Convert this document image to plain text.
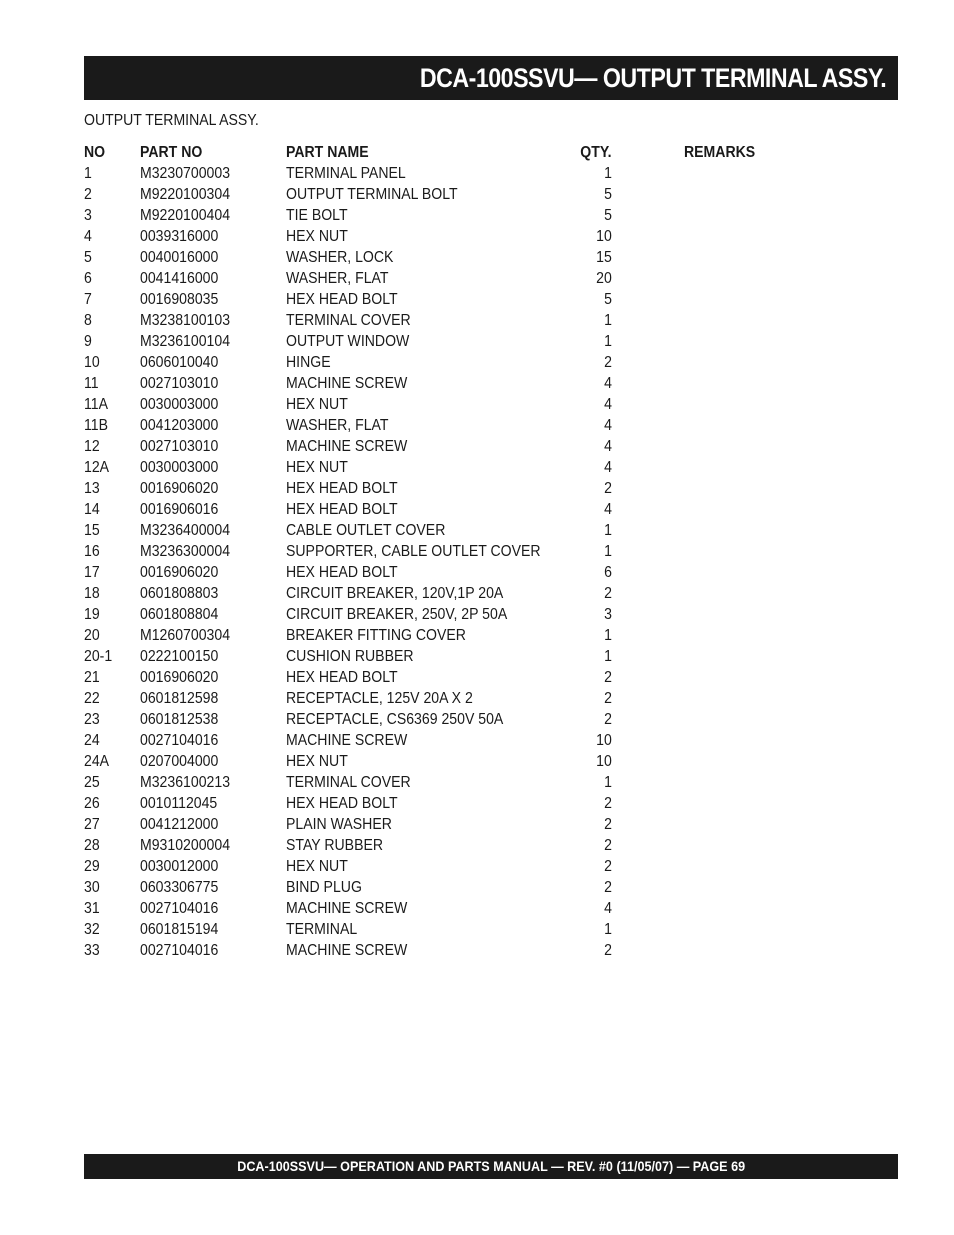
DCA-100SSVU— OUTPUT TERMINAL ASSY.
OUTPUT TERMINAL ASSY.
NO PART NO	PART NAME	QTY.	REMARKS
1	M3230700003	TERMINAL PANEL	1
2	M9220100304	OUTPUT TERMINAL BOLT	5
3	M9220100404	TIE BOLT	5
4	0039316000	HEX NUT	10
5	0040016000	WASHER, LOCK	15
6	0041416000	WASHER, FLAT	20
7	0016908035	HEX HEAD BOLT	5
8	M3238100103	TERMINAL COVER	1
9	M3236100104	OUTPUT WINDOW	1
10	0606010040	HINGE	2
11	0027103010	MACHINE SCREW	4
11A 0030003000	HEX NUT	4
11B 0041203000	WASHER, FLAT	4
12	0027103010	MACHINE SCREW	4
12A 0030003000	HEX NUT	4
13	0016906020	HEX HEAD BOLT	2
14	0016906016	HEX HEAD BOLT	4
15	M3236400004	CABLE OUTLET COVER	1
16	M3236300004	SUPPORTER, CABLE OUTLET COVER	1
17	0016906020	HEX HEAD BOLT	6
18	0601808803	CIRCUIT BREAKER, 120V,1P 20A	2
19	0601808804	CIRCUIT BREAKER, 250V, 2P 50A	3
20	M1260700304	BREAKER FITTING COVER	1
20-1 0222100150	CUSHION RUBBER	1
21	0016906020	HEX HEAD BOLT	2
22	0601812598	RECEPTACLE, 125V 20A X 2	2
23	0601812538	RECEPTACLE, CS6369 250V 50A	2
24	0027104016	MACHINE SCREW	10
24A 0207004000	HEX NUT	10
25	M3236100213	TERMINAL COVER	1
26	0010112045	HEX HEAD BOLT	2
27	0041212000	PLAIN WASHER	2
28	M9310200004	STAY RUBBER	2
29	0030012000	HEX NUT	2
30	0603306775	BIND PLUG	2
31	0027104016	MACHINE SCREW	4
32	0601815194	TERMINAL	1
33	0027104016	MACHINE SCREW	2
DCA-100SSVU— OPERATION AND PARTS MANUAL — REV. #0 (11/05/07) — PAGE 69
